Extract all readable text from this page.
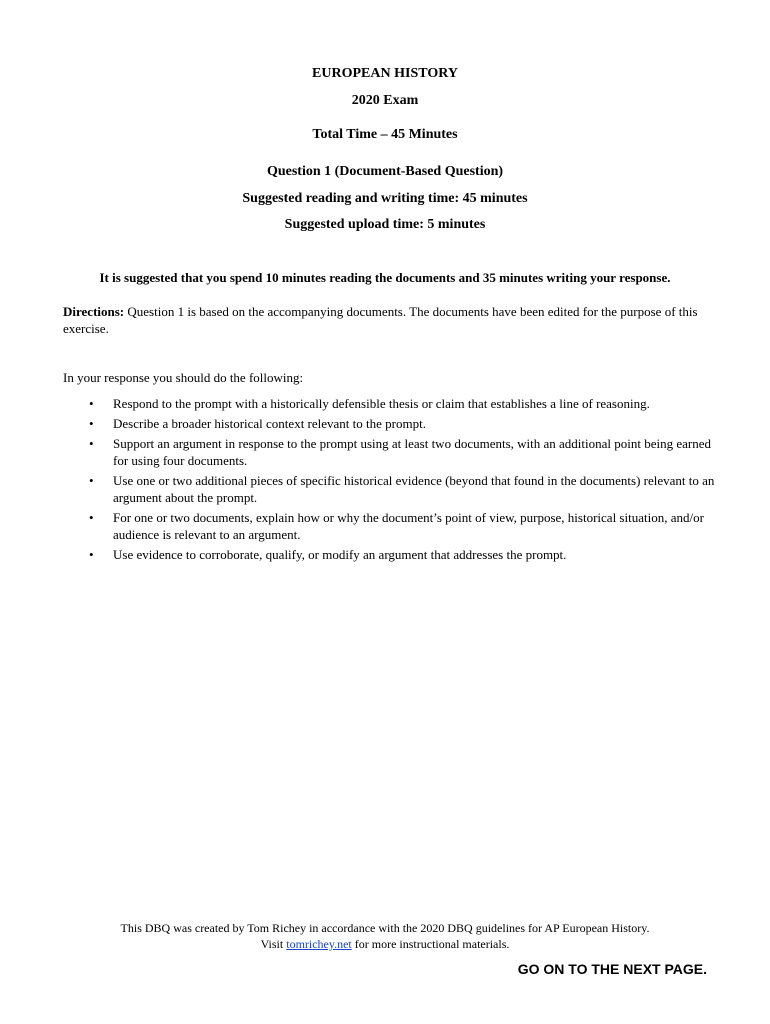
EUROPEAN HISTORY
2020 Exam
Total Time – 45 Minutes
Question 1 (Document-Based Question)
Suggested reading and writing time: 45 minutes
Suggested upload time: 5 minutes
It is suggested that you spend 10 minutes reading the documents and 35 minutes writing your response.
Directions: Question 1 is based on the accompanying documents. The documents have been edited for the purpose of this exercise.
In your response you should do the following:
• Respond to the prompt with a historically defensible thesis or claim that establishes a line of reasoning.
• Describe a broader historical context relevant to the prompt.
• Support an argument in response to the prompt using at least two documents, with an additional point being earned for using four documents.
• Use one or two additional pieces of specific historical evidence (beyond that found in the documents) relevant to an argument about the prompt.
• For one or two documents, explain how or why the document’s point of view, purpose, historical situation, and/or audience is relevant to an argument.
• Use evidence to corroborate, qualify, or modify an argument that addresses the prompt.
This DBQ was created by Tom Richey in accordance with the 2020 DBQ guidelines for AP European History.
Visit tomrichey.net for more instructional materials.
GO ON TO THE NEXT PAGE.
